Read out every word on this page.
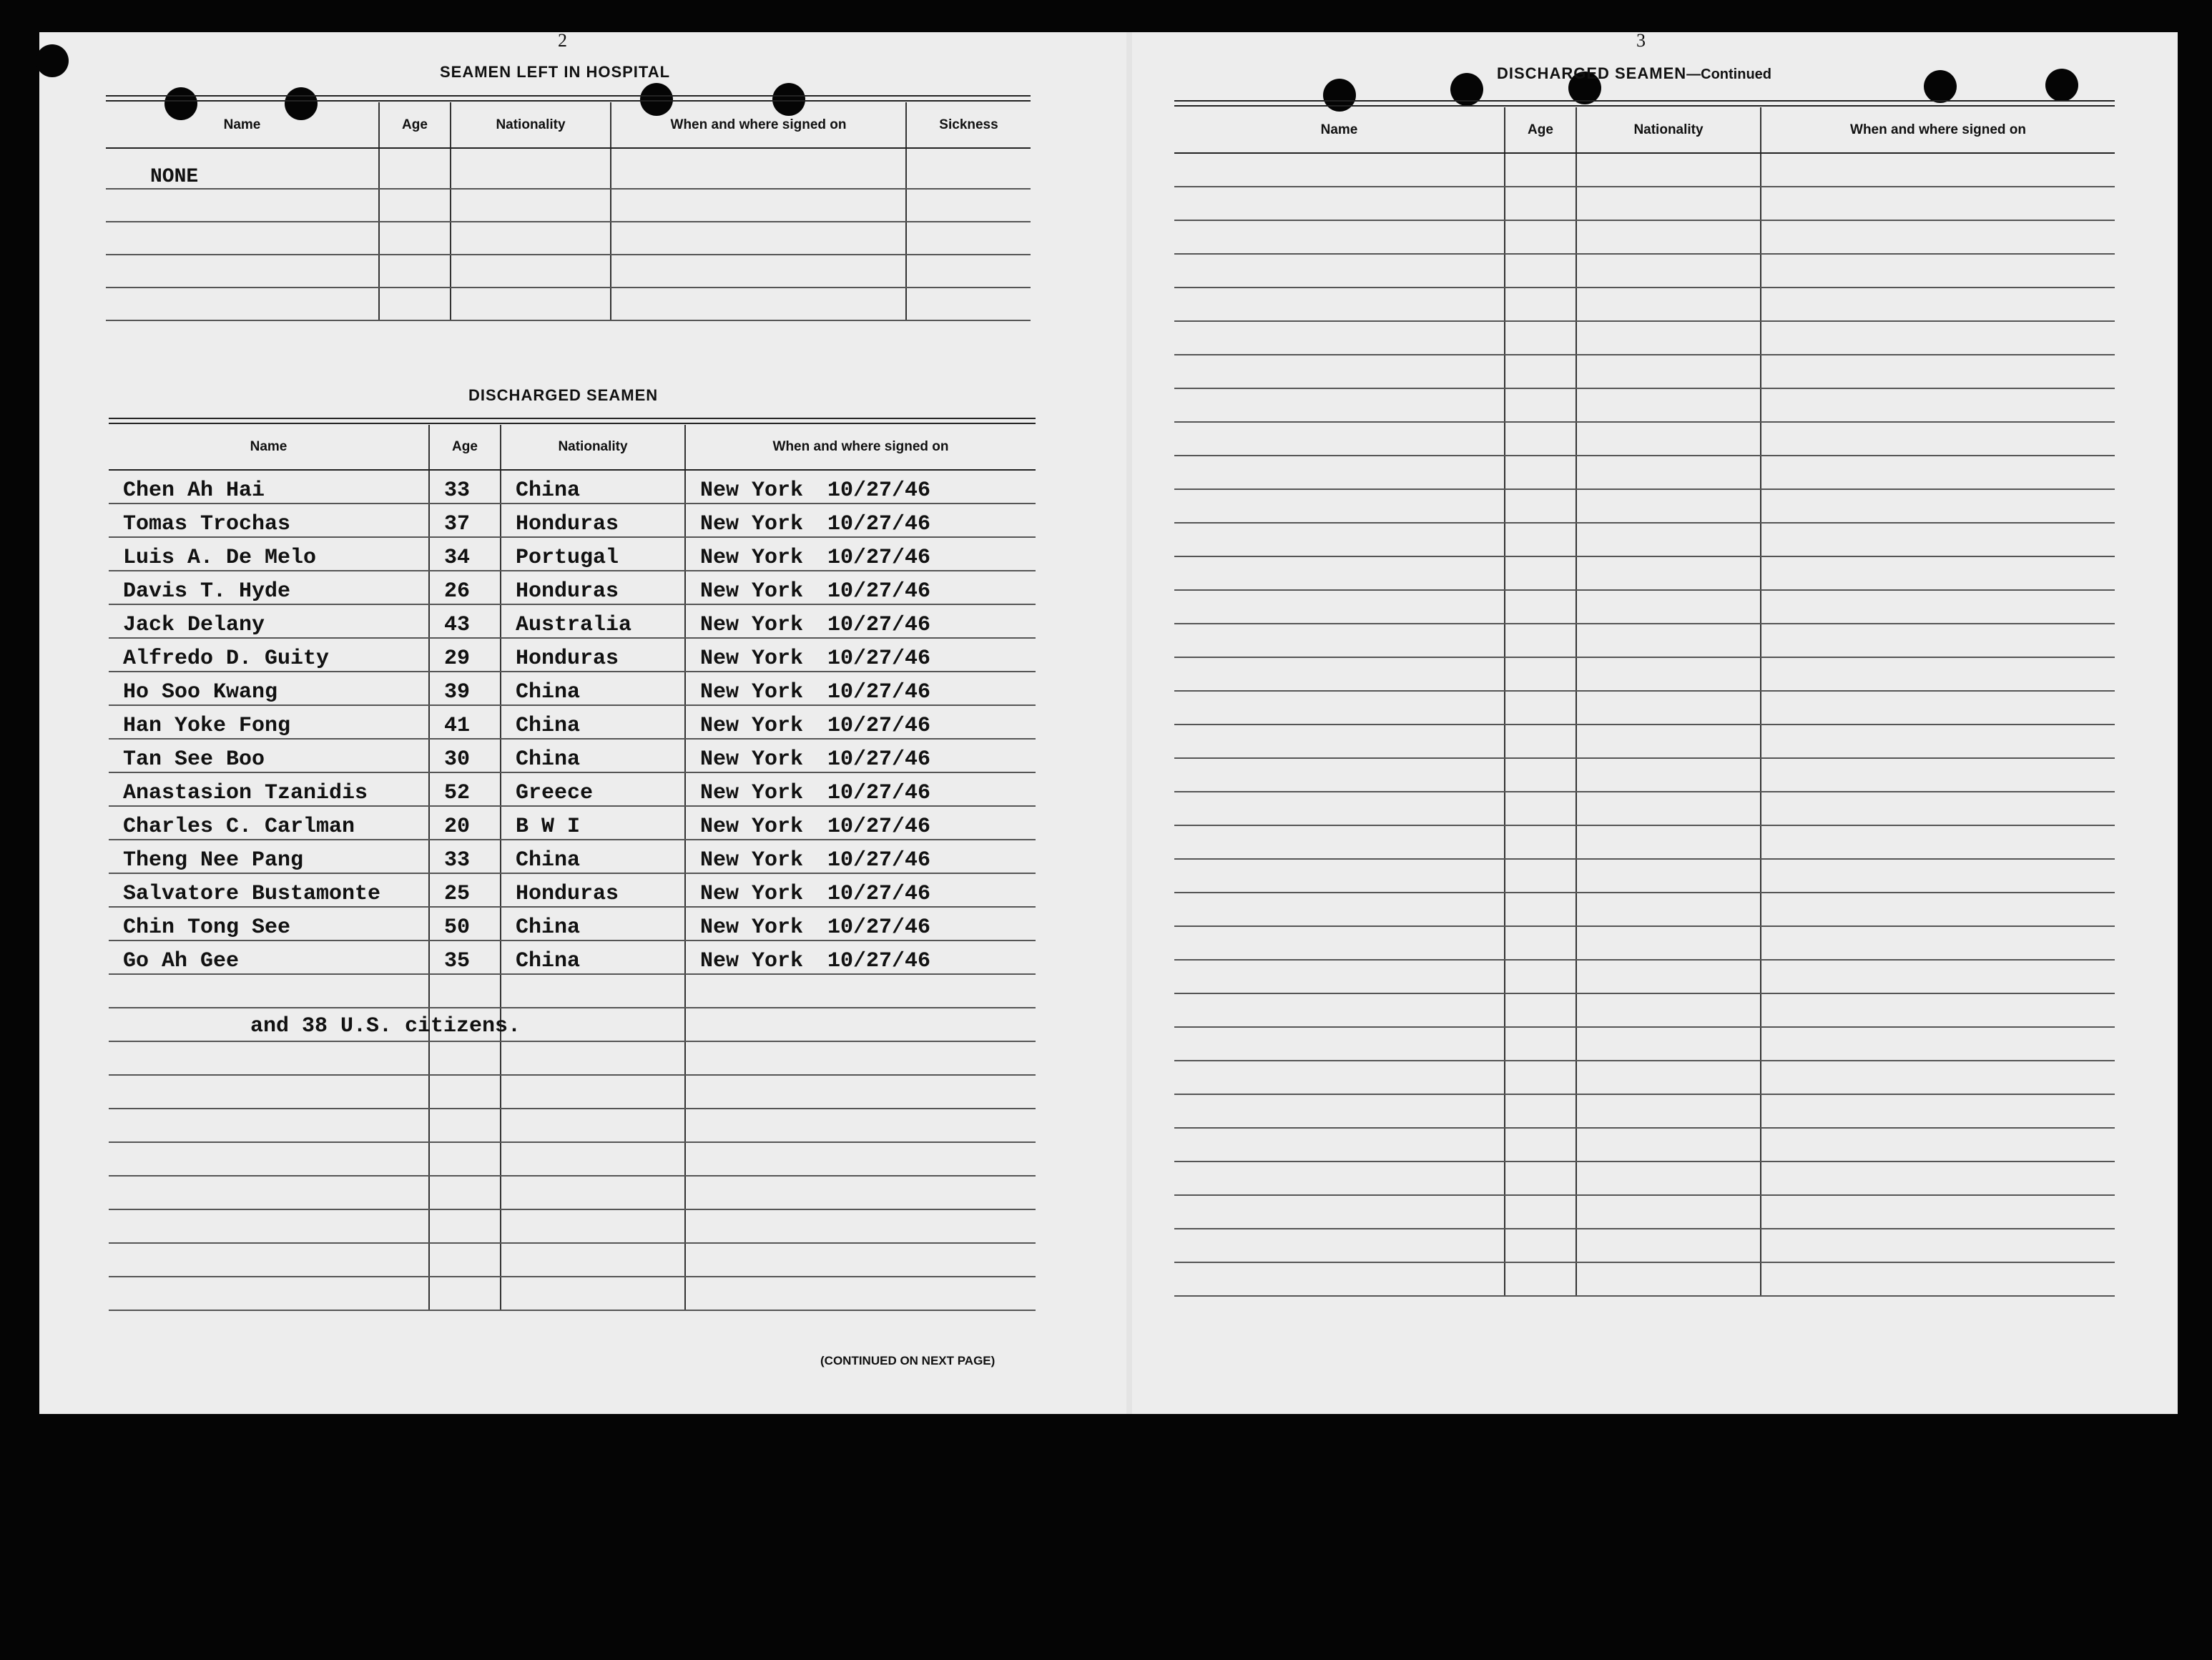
2
SEAMEN LEFT IN HOSPITAL
Name	Age	Nationality	When and where signed on	Sickness
NONE				

DISCHARGED SEAMEN
Name	Age	Nationality	When and where signed on
Chen Ah Hai	33	China	New York 10/27/46
Tomas Trochas	37	Honduras	New York 10/27/46
Luis A. De Melo	34	Portugal	New York 10/27/46
Davis T. Hyde	26	Honduras	New York 10/27/46
Jack Delany	43	Australia	New York 10/27/46
Alfredo D. Guity	29	Honduras	New York 10/27/46
Ho Soo Kwang	39	China	New York 10/27/46
Han Yoke Fong	41	China	New York 10/27/46
Tan See Boo	30	China	New York 10/27/46
Anastasion Tzanidis	52	Greece	New York 10/27/46
Charles C. Carlman	20	B W I	New York 10/27/46
Theng Nee Pang	33	China	New York 10/27/46
Salvatore Bustamonte	25	Honduras	New York 10/27/46
Chin Tong See	50	China	New York 10/27/46
Go Ah Gee	35	China	New York 10/27/46

and 38 U.S. citizens.
(CONTINUED ON NEXT PAGE)
3
DISCHARGED SEAMEN—Continued
Name	Age	Nationality	When and where signed on
